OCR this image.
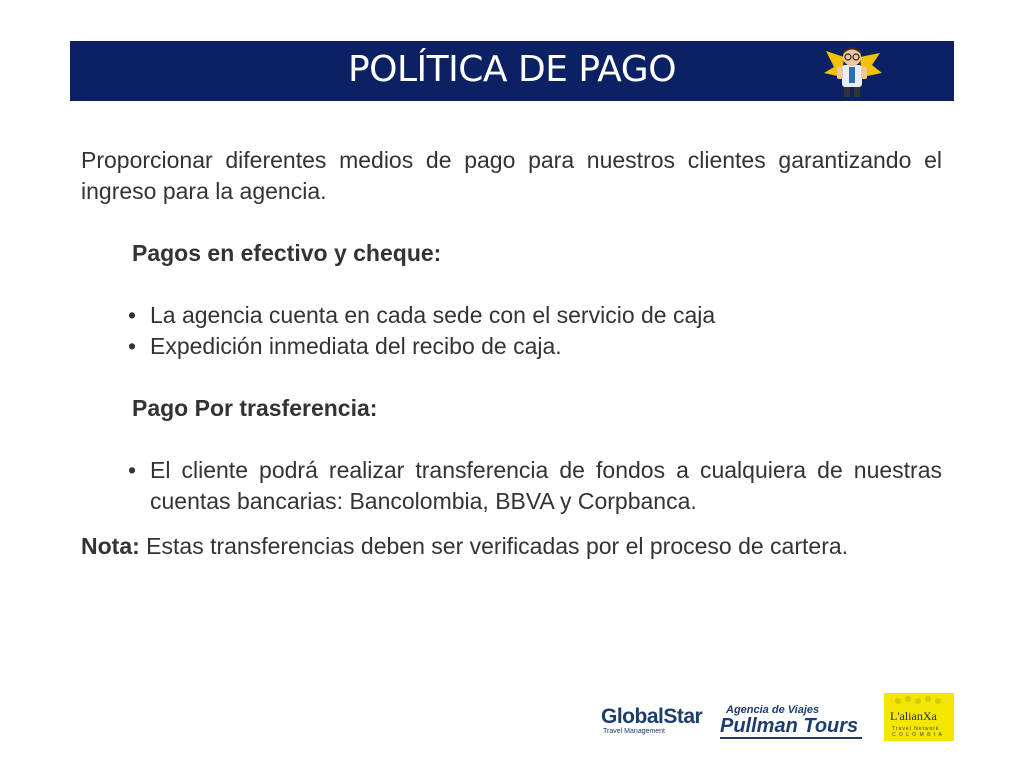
POLÍTICA DE PAGO
Proporcionar diferentes medios de pago para nuestros clientes garantizando el ingreso para la agencia.
Pagos en efectivo y cheque:
• La agencia cuenta en cada sede con el servicio de caja
• Expedición inmediata del recibo de caja.
Pago Por trasferencia:
• El cliente podrá realizar transferencia de fondos a cualquiera de nuestras cuentas bancarias: Bancolombia, BBVA y Corpbanca.
Nota: Estas transferencias deben ser verificadas por el proceso de cartera.
GlobalStar
Travel Management
Agencia de Viajes
Pullman Tours	L'alianXa
Travel Network
C O L O M B I A
